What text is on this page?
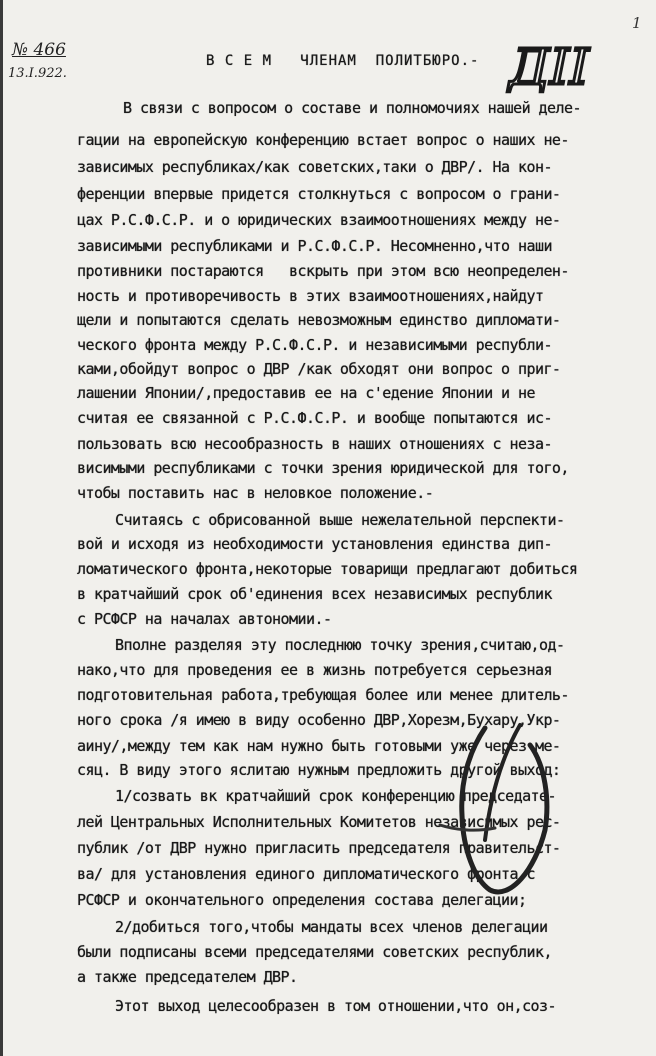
№ 466
13.I.922.
1
ДII
В С Е М   ЧЛЕНАМ  ПОЛИТБЮРО.-
В связи с вопросом о составе и полномочиях нашей деле-
гации на европейскую конференцию встает вопрос о наших не-
зависимых республиках/как советских,таки о ДВР/. На кон-
ференции впервые придется столкнуться с вопросом о грани-
цах Р.С.Ф.С.Р. и о юридических взаимоотношениях между не-
зависимыми республиками и Р.С.Ф.С.Р. Несомненно,что наши
противники постараются   вскрыть при этом всю неопределен-
ность и противоречивость в этих взаимоотношениях,найдут
щели и попытаются сделать невозможным единство дипломати-
ческого фронта между Р.С.Ф.С.Р. и независимыми республи-
ками,обойдут вопрос о ДВР /как обходят они вопрос о приг-
лашении Японии/,предоставив ее на с'едение Японии и не
считая ее связанной с Р.С.Ф.С.Р. и вообще попытаются ис-
пользовать всю несообразность в наших отношениях с неза-
висимыми республиками с точки зрения юридической для того,
чтобы поставить нас в неловкое положение.-
Считаясь с обрисованной выше нежелательной перспекти-
вой и исходя из необходимости установления единства дип-
ломатического фронта,некоторые товарищи предлагают добиться
в кратчайший срок об'единения всех независимых республик
с РСФСР на началах автономии.-
Вполне разделяя эту последнюю точку зрения,считаю,од-
нако,что для проведения ее в жизнь потребуется серьезная
подготовительная работа,требующая более или менее длитель-
ного срока /я имею в виду особенно ДВР,Хорезм,Бухару,Укр-
аину/,между тем как нам нужно быть готовыми уже через ме-
сяц. В виду этого яслитаю нужным предложить другой выход:
1/созвать вк кратчайший срок конференцию председате-
лей Центральных Исполнительных Комитетов независимых рес-
публик /от ДВР нужно пригласить председателя правительст-
ва/ для установления единого дипломатического фронта с
РСФСР и окончательного определения состава делегации;
2/добиться того,чтобы мандаты всех членов делегации
были подписаны всеми председателями советских республик,
а также председателем ДВР.
Этот выход целесообразен в том отношении,что он,соз-
